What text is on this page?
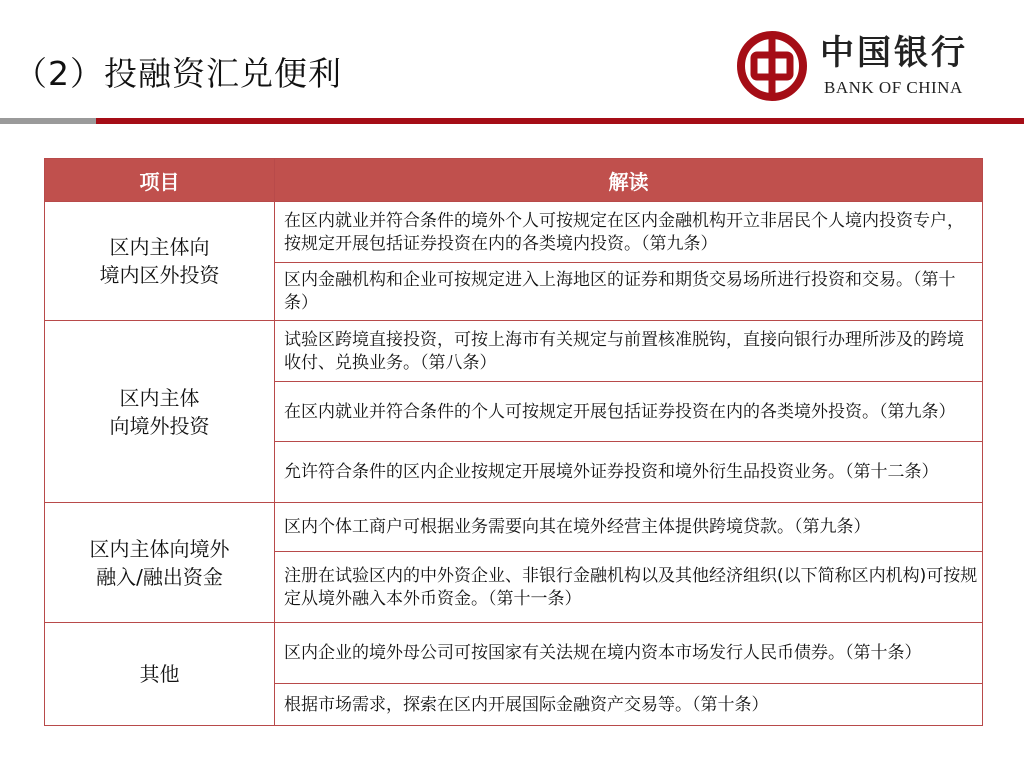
（2）投融资汇兑便利
中国银行
BANK OF CHINA
项目	解读

区内主体向
境内区外投资	在区内就业并符合条件的境外个人可按规定在区内金融机构开立非居民个人境内投资专户，按规定开展包括证券投资在内的各类境内投资。（第九条）
	区内金融机构和企业可按规定进入上海地区的证券和期货交易场所进行投资和交易。（第十条）

区内主体
向境外投资	试验区跨境直接投资，可按上海市有关规定与前置核准脱钩，直接向银行办理所涉及的跨境收付、兑换业务。（第八条）
	在区内就业并符合条件的个人可按规定开展包括证券投资在内的各类境外投资。（第九条）
	允许符合条件的区内企业按规定开展境外证券投资和境外衍生品投资业务。（第十二条）

区内主体向境外
融入/融出资金	区内个体工商户可根据业务需要向其在境外经营主体提供跨境贷款。（第九条）
	注册在试验区内的中外资企业、非银行金融机构以及其他经济组织(以下简称区内机构)可按规定从境外融入本外币资金。（第十一条）

其他	区内企业的境外母公司可按国家有关法规在境内资本市场发行人民币债券。（第十条）
	根据市场需求，探索在区内开展国际金融资产交易等。（第十条）
